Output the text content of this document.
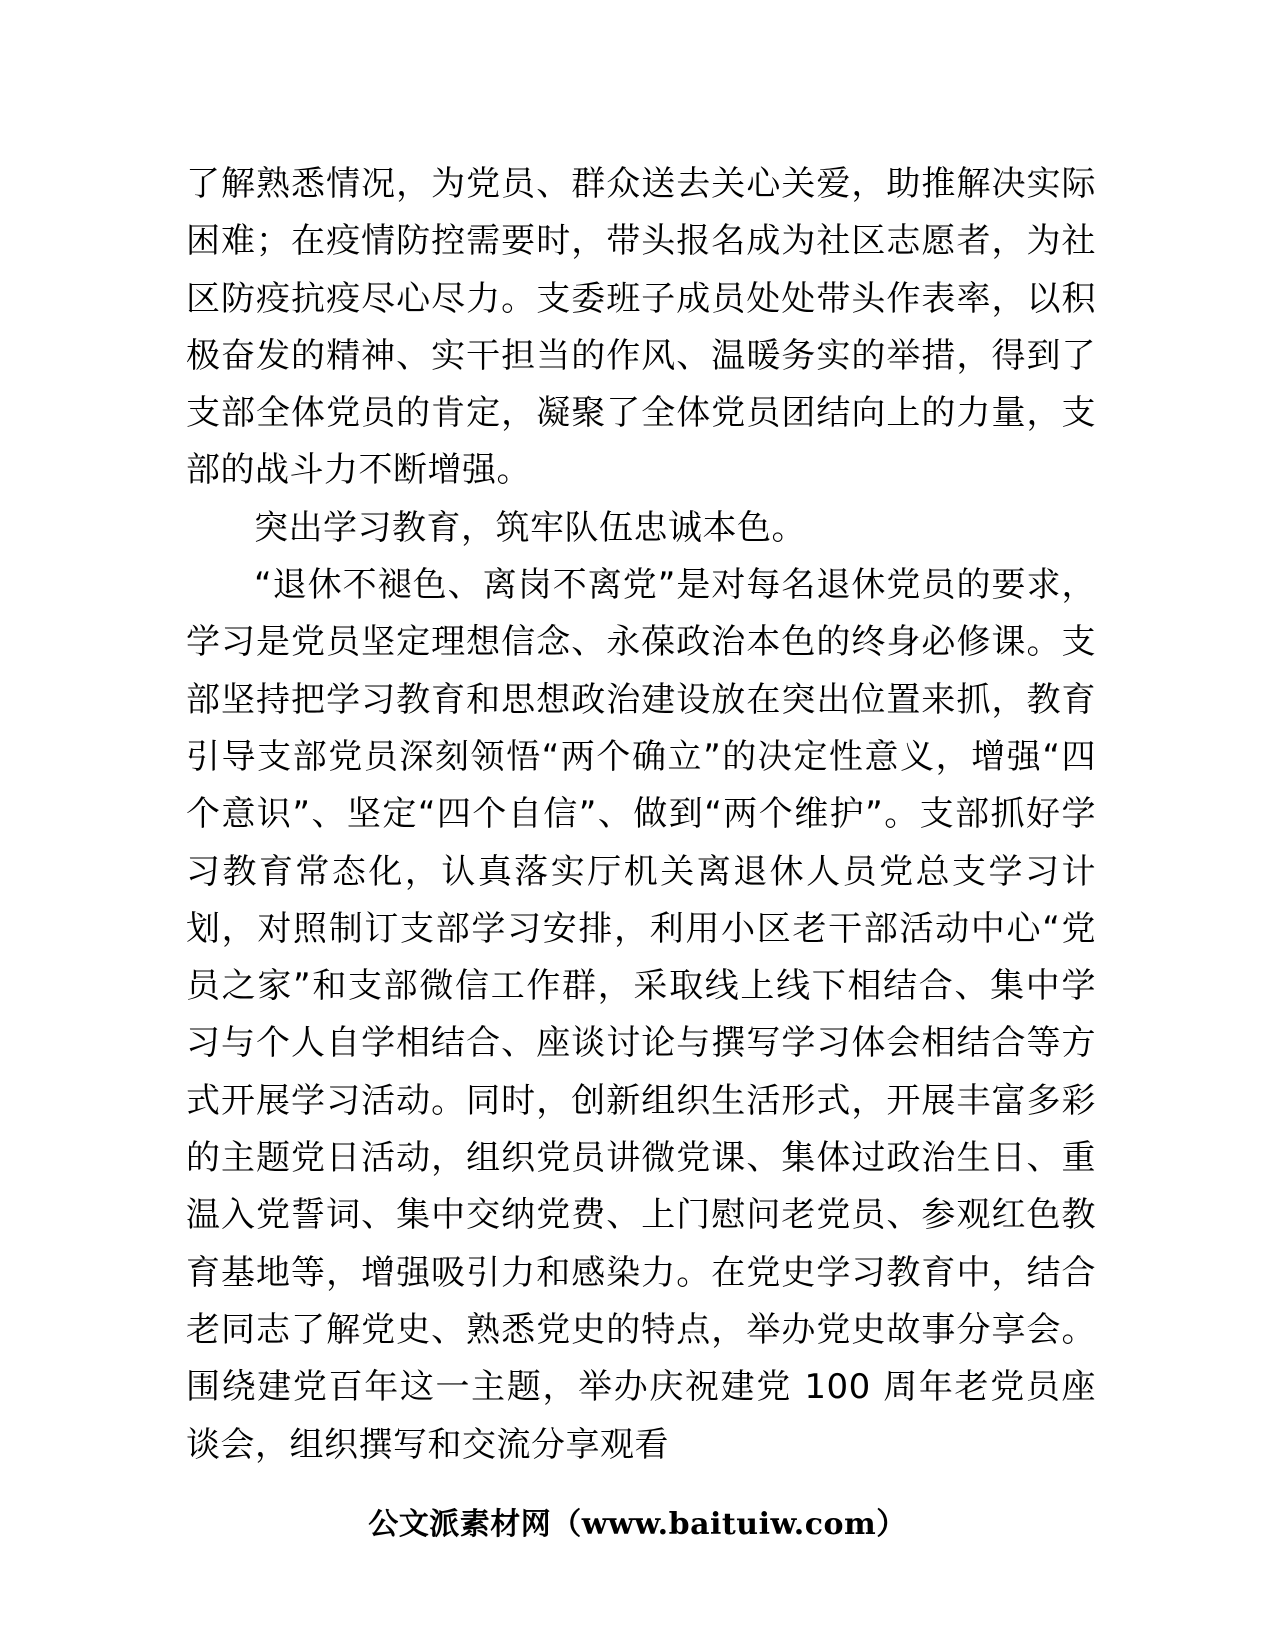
了解熟悉情况，为党员、群众送去关心关爱，助推解决实际困难；在疫情防控需要时，带头报名成为社区志愿者，为社区防疫抗疫尽心尽力。支委班子成员处处带头作表率，以积极奋发的精神、实干担当的作风、温暖务实的举措，得到了支部全体党员的肯定，凝聚了全体党员团结向上的力量，支部的战斗力不断增强。

突出学习教育，筑牢队伍忠诚本色。

“退休不褪色、离岗不离党”是对每名退休党员的要求，学习是党员坚定理想信念、永葆政治本色的终身必修课。支部坚持把学习教育和思想政治建设放在突出位置来抓，教育引导支部党员深刻领悟“两个确立”的决定性意义，增强“四个意识”、坚定“四个自信”、做到“两个维护”。支部抓好学习教育常态化，认真落实厅机关离退休人员党总支学习计划，对照制订支部学习安排，利用小区老干部活动中心“党员之家”和支部微信工作群，采取线上线下相结合、集中学习与个人自学相结合、座谈讨论与撰写学习体会相结合等方式开展学习活动。同时，创新组织生活形式，开展丰富多彩的主题党日活动，组织党员讲微党课、集体过政治生日、重温入党誓词、集中交纳党费、上门慰问老党员、参观红色教育基地等，增强吸引力和感染力。在党史学习教育中，结合老同志了解党史、熟悉党史的特点，举办党史故事分享会。围绕建党百年这一主题，举办庆祝建党 100 周年老党员座谈会，组织撰写和交流分享观看

公文派素材网（www.baituiw.com）
